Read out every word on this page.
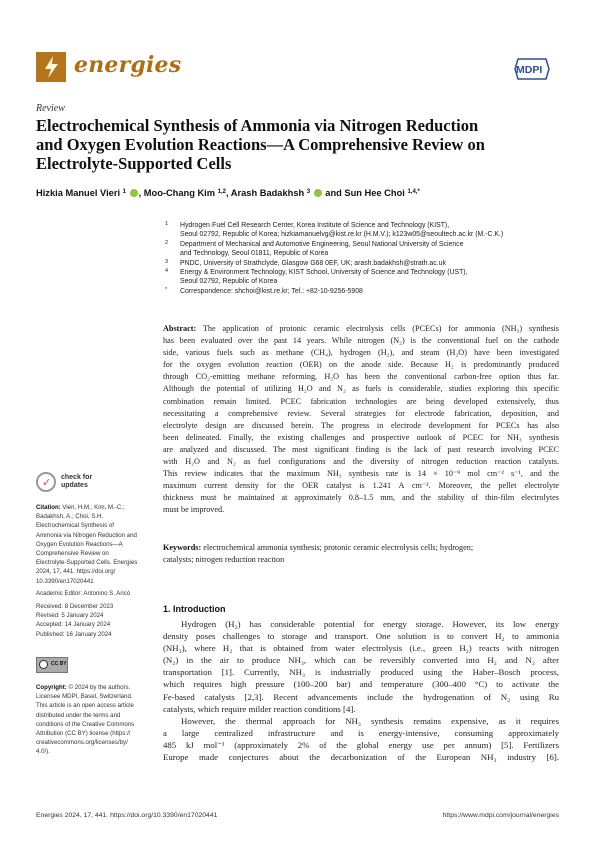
energies	MDPI
Review
Electrochemical Synthesis of Ammonia via Nitrogen Reduction
and Oxygen Evolution Reactions—A Comprehensive Review on
Electrolyte-Supported Cells
Hizkia Manuel Vieri $^1$ , Moo-Chang Kim $^{1,2}$, Arash Badakhsh $^3$  and Sun Hee Choi $^{1,4,*}$
1 Hydrogen·Fuel Cell Research Center, Korea Institute of Science and Technology (KIST),
Seoul 02792, Republic of Korea; hizkiamanuelvg@kist.re.kr (H.M.V.); k123w05@seoultech.ac.kr (M.-C.K.)
2 Department of Mechanical and Automotive Engineering, Seoul National University of Science
and Technology, Seoul 01811, Republic of Korea
3 PNDC, University of Strathclyde, Glasgow G68 0EF, UK; arash.badakhsh@strath.ac.uk
4 Energy & Environment Technology, KIST School, University of Science and Technology (UST),
Seoul 02792, Republic of Korea
* Correspondence: shchoi@kist.re.kr; Tel.: +82-10-9256-5908
Abstract: The application of protonic ceramic electrolysis cells (PCECs) for ammonia (NH₃) synthesis
has been evaluated over the past 14 years. While nitrogen (N₂) is the conventional fuel on the cathode
side, various fuels such as methane (CH₄), hydrogen (H₂), and steam (H₂O) have been investigated
for the oxygen evolution reaction (OER) on the anode side. Because H₂ is predominantly produced
through CO₂-emitting methane reforming, H₂O has been the conventional carbon-free option thus far.
Although the potential of utilizing H₂O and N₂ as fuels is considerable, studies exploring this specific
combination remain limited. PCEC fabrication technologies are being developed extensively, thus
necessitating a comprehensive review. Several strategies for electrode fabrication, deposition, and
electrolyte design are discussed herein. The progress in electrode development for PCECs has also
been delineated. Finally, the existing challenges and prospective outlook of PCEC for NH₃ synthesis
are analyzed and discussed. The most significant finding is the lack of past research involving PCEC
with H₂O and N₂ as fuel configurations and the diversity of nitrogen reduction reaction catalysts.
This review indicates that the maximum NH₃ synthesis rate is 14 × 10⁻⁹ mol cm⁻² s⁻¹, and the
maximum current density for the OER catalyst is 1.241 A cm⁻². Moreover, the pellet electrolyte
thickness must be maintained at approximately 0.8–1.5 mm, and the stability of thin-film electrolytes
must be improved.
Keywords: electrochemical ammonia synthesis; protonic ceramic electrolysis cells; hydrogen;
catalysts; nitrogen reduction reaction
✓ check for
updates
Citation: Vieri, H.M.; Kim, M.-C.;
Badakhsh, A.; Choi, S.H.
Electrochemical Synthesis of
Ammonia via Nitrogen Reduction and
Oxygen Evolution Reactions—A
Comprehensive Review on
Electrolyte-Supported Cells. Energies
2024, 17, 441. https://doi.org/
10.3390/en17020441
Academic Editor: Antonino S. Aricò
Received: 8 December 2023
Revised: 5 January 2024
Accepted: 14 January 2024
Published: 16 January 2024
CC BY
Copyright: © 2024 by the authors.
Licensee MDPI, Basel, Switzerland.
This article is an open access article
distributed under the terms and
conditions of the Creative Commons
Attribution (CC BY) license (https://
creativecommons.org/licenses/by/
4.0/).
1. Introduction
Hydrogen (H₂) has considerable potential for energy storage. However, its low energy
density poses challenges to storage and transport. One solution is to convert H₂ to ammonia
(NH₃), where H₂ that is obtained from water electrolysis (i.e., green H₂) reacts with nitrogen
(N₂) in the air to produce NH₃, which can be reversibly converted into H₂ and N₂ after
transportation [1]. Currently, NH₃ is industrially produced using the Haber–Bosch process,
which requires high pressure (100–200 bar) and temperature (300–400 °C) to activate the
Fe-based catalysts [2,3]. Recent advancements include the hydrogenation of N₂ using Ru
catalysts, which require milder reaction conditions [4].
However, the thermal approach for NH₃ synthesis remains expensive, as it requires
a large centralized infrastructure and is energy-intensive, consuming approximately
485 kJ mol⁻¹ (approximately 2% of the global energy use per annum) [5]. Fertilizers
Europe made conjectures about the decarbonization of the European NH₃ industry [6].
Energies 2024, 17, 441. https://doi.org/10.3390/en17020441	https://www.mdpi.com/journal/energies
